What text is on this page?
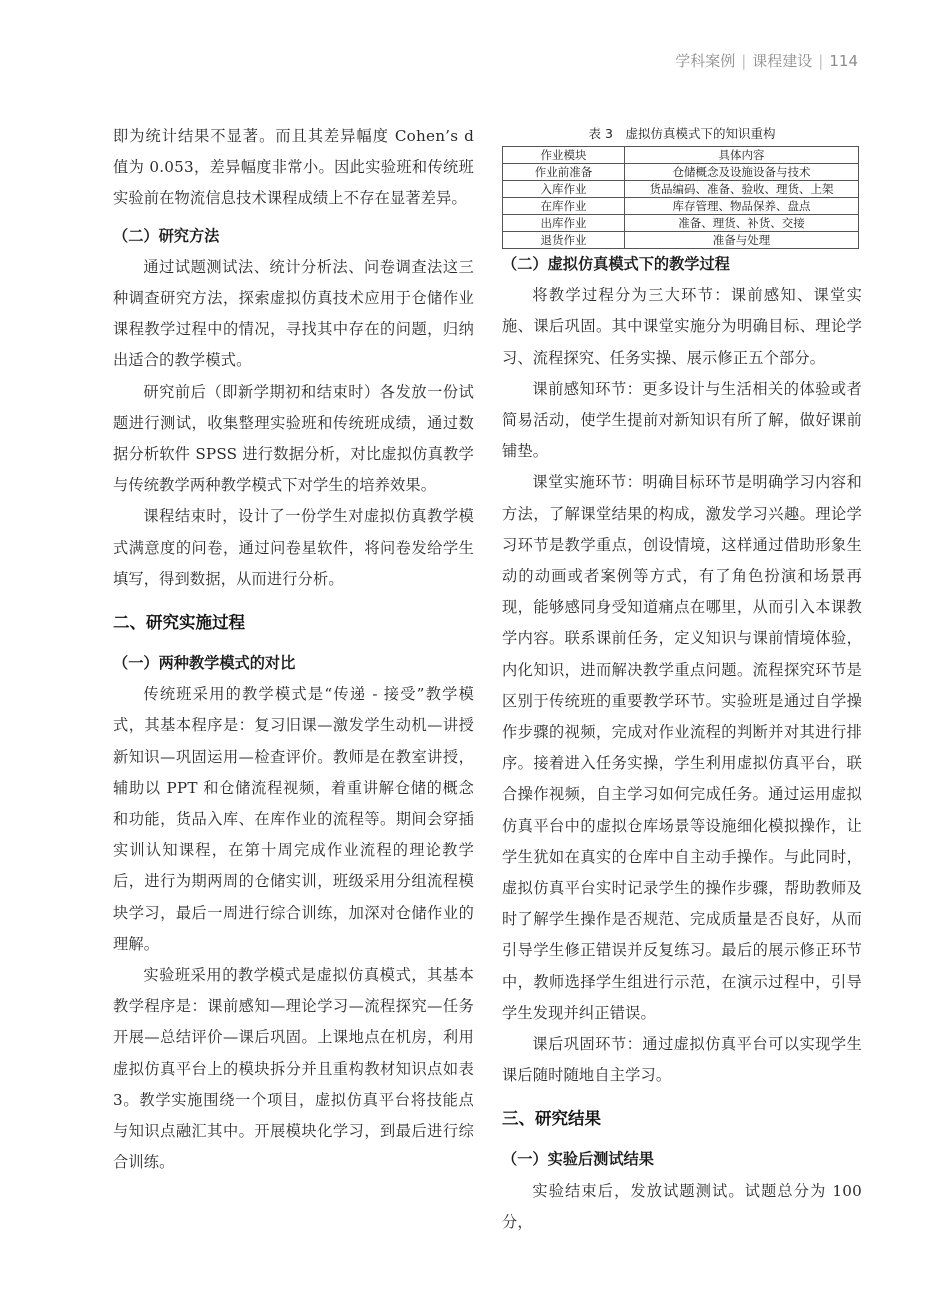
学科案例 | 课程建设 | 114

即为统计结果不显著。而且其差异幅度 Cohen’s d 值为 0.053，差异幅度非常小。因此实验班和传统班实验前在物流信息技术课程成绩上不存在显著差异。

（二）研究方法

通过试题测试法、统计分析法、问卷调查法这三种调查研究方法，探索虚拟仿真技术应用于仓储作业课程教学过程中的情况，寻找其中存在的问题，归纳出适合的教学模式。

研究前后（即新学期初和结束时）各发放一份试题进行测试，收集整理实验班和传统班成绩，通过数据分析软件 SPSS 进行数据分析，对比虚拟仿真教学与传统教学两种教学模式下对学生的培养效果。

课程结束时，设计了一份学生对虚拟仿真教学模式满意度的问卷，通过问卷星软件，将问卷发给学生填写，得到数据，从而进行分析。

二、研究实施过程

（一）两种教学模式的对比

传统班采用的教学模式是“传递 - 接受”教学模式，其基本程序是：复习旧课—激发学生动机—讲授新知识—巩固运用—检查评价。教师是在教室讲授，辅助以 PPT 和仓储流程视频，着重讲解仓储的概念和功能，货品入库、在库作业的流程等。期间会穿插实训认知课程，在第十周完成作业流程的理论教学后，进行为期两周的仓储实训，班级采用分组流程模块学习，最后一周进行综合训练，加深对仓储作业的理解。

实验班采用的教学模式是虚拟仿真模式，其基本教学程序是：课前感知—理论学习—流程探究—任务开展—总结评价—课后巩固。上课地点在机房，利用虚拟仿真平台上的模块拆分并且重构教材知识点如表 3。教学实施围绕一个项目，虚拟仿真平台将技能点与知识点融汇其中。开展模块化学习，到最后进行综合训练。

表 3　虚拟仿真模式下的知识重构
作业模块	具体内容
作业前准备	仓储概念及设施设备与技术
入库作业	货品编码、准备、验收、理货、上架
在库作业	库存管理、物品保养、盘点
出库作业	准备、理货、补货、交接
退货作业	准备与处理

（二）虚拟仿真模式下的教学过程

将教学过程分为三大环节：课前感知、课堂实施、课后巩固。其中课堂实施分为明确目标、理论学习、流程探究、任务实操、展示修正五个部分。

课前感知环节：更多设计与生活相关的体验或者简易活动，使学生提前对新知识有所了解，做好课前铺垫。

课堂实施环节：明确目标环节是明确学习内容和方法，了解课堂结果的构成，激发学习兴趣。理论学习环节是教学重点，创设情境，这样通过借助形象生动的动画或者案例等方式，有了角色扮演和场景再现，能够感同身受知道痛点在哪里，从而引入本课教学内容。联系课前任务，定义知识与课前情境体验，内化知识，进而解决教学重点问题。流程探究环节是区别于传统班的重要教学环节。实验班是通过自学操作步骤的视频，完成对作业流程的判断并对其进行排序。接着进入任务实操，学生利用虚拟仿真平台，联合操作视频，自主学习如何完成任务。通过运用虚拟仿真平台中的虚拟仓库场景等设施细化模拟操作，让学生犹如在真实的仓库中自主动手操作。与此同时，虚拟仿真平台实时记录学生的操作步骤，帮助教师及时了解学生操作是否规范、完成质量是否良好，从而引导学生修正错误并反复练习。最后的展示修正环节中，教师选择学生组进行示范，在演示过程中，引导学生发现并纠正错误。

课后巩固环节：通过虚拟仿真平台可以实现学生课后随时随地自主学习。

三、研究结果

（一）实验后测试结果

实验结束后，发放试题测试。试题总分为 100 分，
